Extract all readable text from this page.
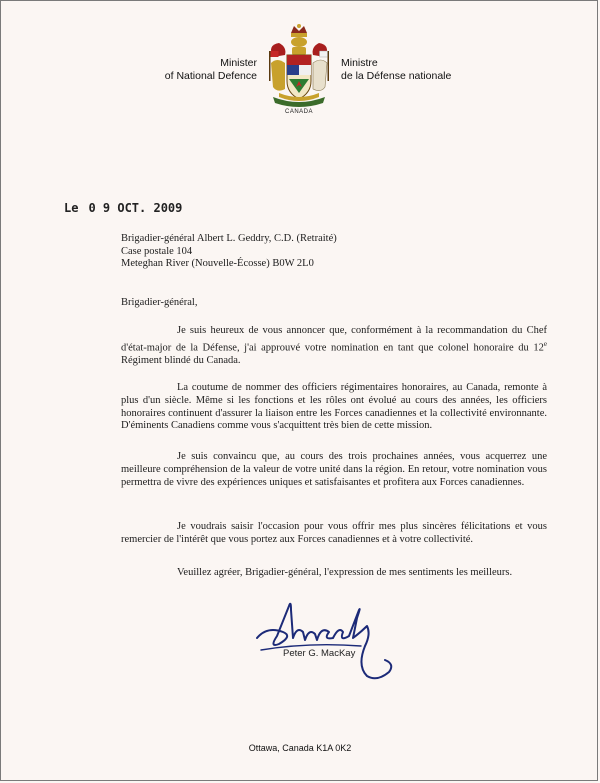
Minister
of National Defence
CANADA
Ministre
de la Défense nationale
Le 0 9 OCT. 2009
Brigadier-général Albert L. Geddry, C.D. (Retraité)
Case postale 104
Meteghan River (Nouvelle-Écosse) B0W 2L0
Brigadier-général,
Je suis heureux de vous annoncer que, conformément à la recommandation du Chef d'état-major de la Défense, j'ai approuvé votre nomination en tant que colonel honoraire du 12e Régiment blindé du Canada.
La coutume de nommer des officiers régimentaires honoraires, au Canada, remonte à plus d'un siècle. Même si les fonctions et les rôles ont évolué au cours des années, les officiers honoraires continuent d'assurer la liaison entre les Forces canadiennes et la collectivité environnante. D'éminents Canadiens comme vous s'acquittent très bien de cette mission.
Je suis convaincu que, au cours des trois prochaines années, vous acquerrez une meilleure compréhension de la valeur de votre unité dans la région. En retour, votre nomination vous permettra de vivre des expériences uniques et satisfaisantes et profitera aux Forces canadiennes.
Je voudrais saisir l'occasion pour vous offrir mes plus sincères félicitations et vous remercier de l'intérêt que vous portez aux Forces canadiennes et à votre collectivité.
Veuillez agréer, Brigadier-général, l'expression de mes sentiments les meilleurs.
Peter G. MacKay
Ottawa, Canada K1A 0K2
